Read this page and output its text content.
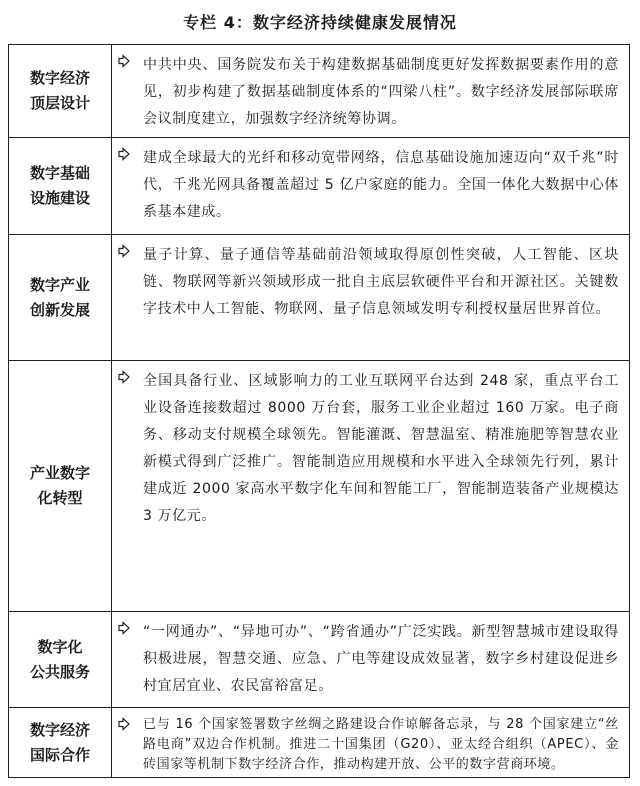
专栏 4：数字经济持续健康发展情况
数字经济
顶层设计
中共中央、国务院发布关于构建数据基础制度更好发挥数据要素作用的意见，初步构建了数据基础制度体系的“四梁八柱”。数字经济发展部际联席会议制度建立，加强数字经济统筹协调。
数字基础
设施建设
建成全球最大的光纤和移动宽带网络，信息基础设施加速迈向“双千兆”时代，千兆光网具备覆盖超过 5 亿户家庭的能力。全国一体化大数据中心体系基本建成。
数字产业
创新发展
量子计算、量子通信等基础前沿领域取得原创性突破，人工智能、区块链、物联网等新兴领域形成一批自主底层软硬件平台和开源社区。关键数字技术中人工智能、物联网、量子信息领域发明专利授权量居世界首位。
产业数字
化转型
全国具备行业、区域影响力的工业互联网平台达到 248 家，重点平台工业设备连接数超过 8000 万台套，服务工业企业超过 160 万家。电子商务、移动支付规模全球领先。智能灌溉、智慧温室、精准施肥等智慧农业新模式得到广泛推广。智能制造应用规模和水平进入全球领先行列，累计建成近 2000 家高水平数字化车间和智能工厂，智能制造装备产业规模达 3 万亿元。
数字化
公共服务
“一网通办”、“异地可办”、“跨省通办”广泛实践。新型智慧城市建设取得积极进展，智慧交通、应急、广电等建设成效显著，数字乡村建设促进乡村宜居宜业、农民富裕富足。
数字经济
国际合作
已与 16 个国家签署数字丝绸之路建设合作谅解备忘录，与 28 个国家建立“丝路电商”双边合作机制。推进二十国集团（G20）、亚太经合组织（APEC）、金砖国家等机制下数字经济合作，推动构建开放、公平的数字营商环境。
